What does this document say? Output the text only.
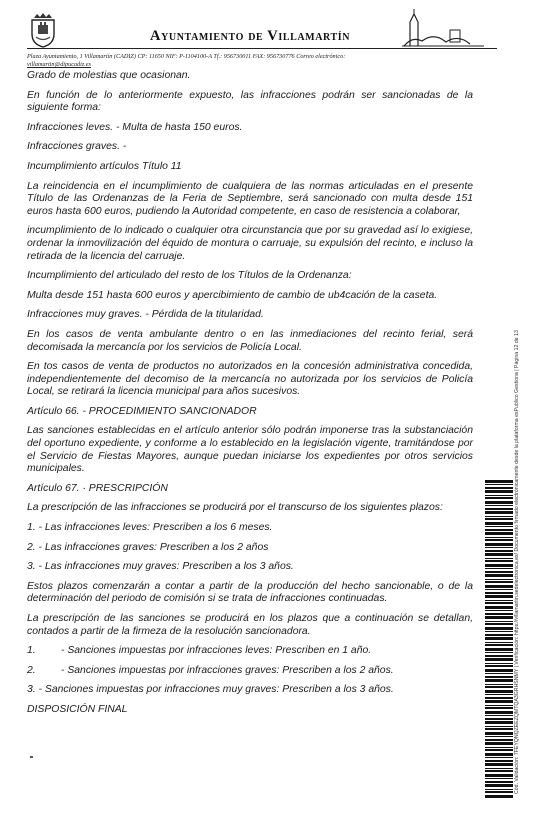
Ayuntamiento de Villamartín
Plaza Ayuntamiento, 1 Villamartín (CADIZ) CP: 11650 NIF: P-1104100-A Tf.: 956730011 FAX: 956730776 Correo electrónico:
villamartin@dipucadiz.es

Grado de molestias que ocasionan.

En función de lo anteriormente expuesto, las infracciones podrán ser sancionadas de la siguiente forma:

Infracciones leves. - Multa de hasta 150 euros.

Infracciones graves. -

Incumplimiento artículos Título 11

La reincidencia en el incumplimiento de cualquiera de las normas articuladas en el presente Título de las Ordenanzas de la Feria de Septiembre, será sancionado con multa desde 151 euros hasta 600 euros, pudiendo la Autoridad competente, en caso de resistencia a colaborar,

incumplimiento de lo indicado o cualquier otra circunstancia que por su gravedad así lo exigiese, ordenar la inmovilización del équido de montura o carruaje, su expulsión del recinto, e incluso la retirada de la licencia del carruaje.

Incumplimiento del articulado del resto de los Títulos de la Ordenanza:

Multa desde 151 hasta 600 euros y apercibimiento de cambio de ub4cación de la caseta.

Infracciones muy graves. - Pérdida de la titularidad.

En los casos de venta ambulante dentro o en las inmediaciones del recinto ferial, será decomisada la mercancía por los servicios de Policía Local.

En tos casos de venta de productos no autorizados en la concesión administrativa concedida, independientemente del decomiso de la mercancía no autorizada por los servicios de Policía Local, se retirará la licencia municipal para años sucesivos.

Artículo 66. - PROCEDIMIENTO SANCIONADOR

Las sanciones establecidas en el artículo anterior sólo podrán imponerse tras la substanciación del oportuno expediente, y conforme a lo establecido en la legislación vigente, tramitándose por el Servicio de Fiestas Mayores, aunque puedan iniciarse los expedientes por otros servicios municipales.

Artículo 67. · PRESCRIPCIÓN

La prescripción de las infracciones se producirá por el transcurso de los siguientes plazos:

1. - Las infracciones leves: Prescriben a los 6 meses.

2. - Las infracciones graves: Prescriben a los 2 años

3. - Las infracciones muy graves: Prescriben a los 3 años.

Estos plazos comenzarán a contar a partir de la producción del hecho sancionable, o de la determinación del periodo de comisión si se trata de infracciones continuadas.

La prescripción de las sanciones se producirá en los plazos que a continuación se detallan, contados a partir de la firmeza de la resolución sancionadora.

1.	- Sanciones impuestas por infracciones leves: Prescriben en 1 año.

2.	- Sanciones impuestas por infracciones graves: Prescriben a los 2 años.

3. - Sanciones impuestas por infracciones muy graves: Prescriben a los 3 años.

DISPOSICIÓN FINAL	Cód. Validación: 7FEYQNQZEEZQMTQA3GRHSNMY | Verificación: https://villamartin.sedelectronica.es/ Documento firmado electrónicamente desde la plataforma esPublico Gestiona | Página 12 de 13
